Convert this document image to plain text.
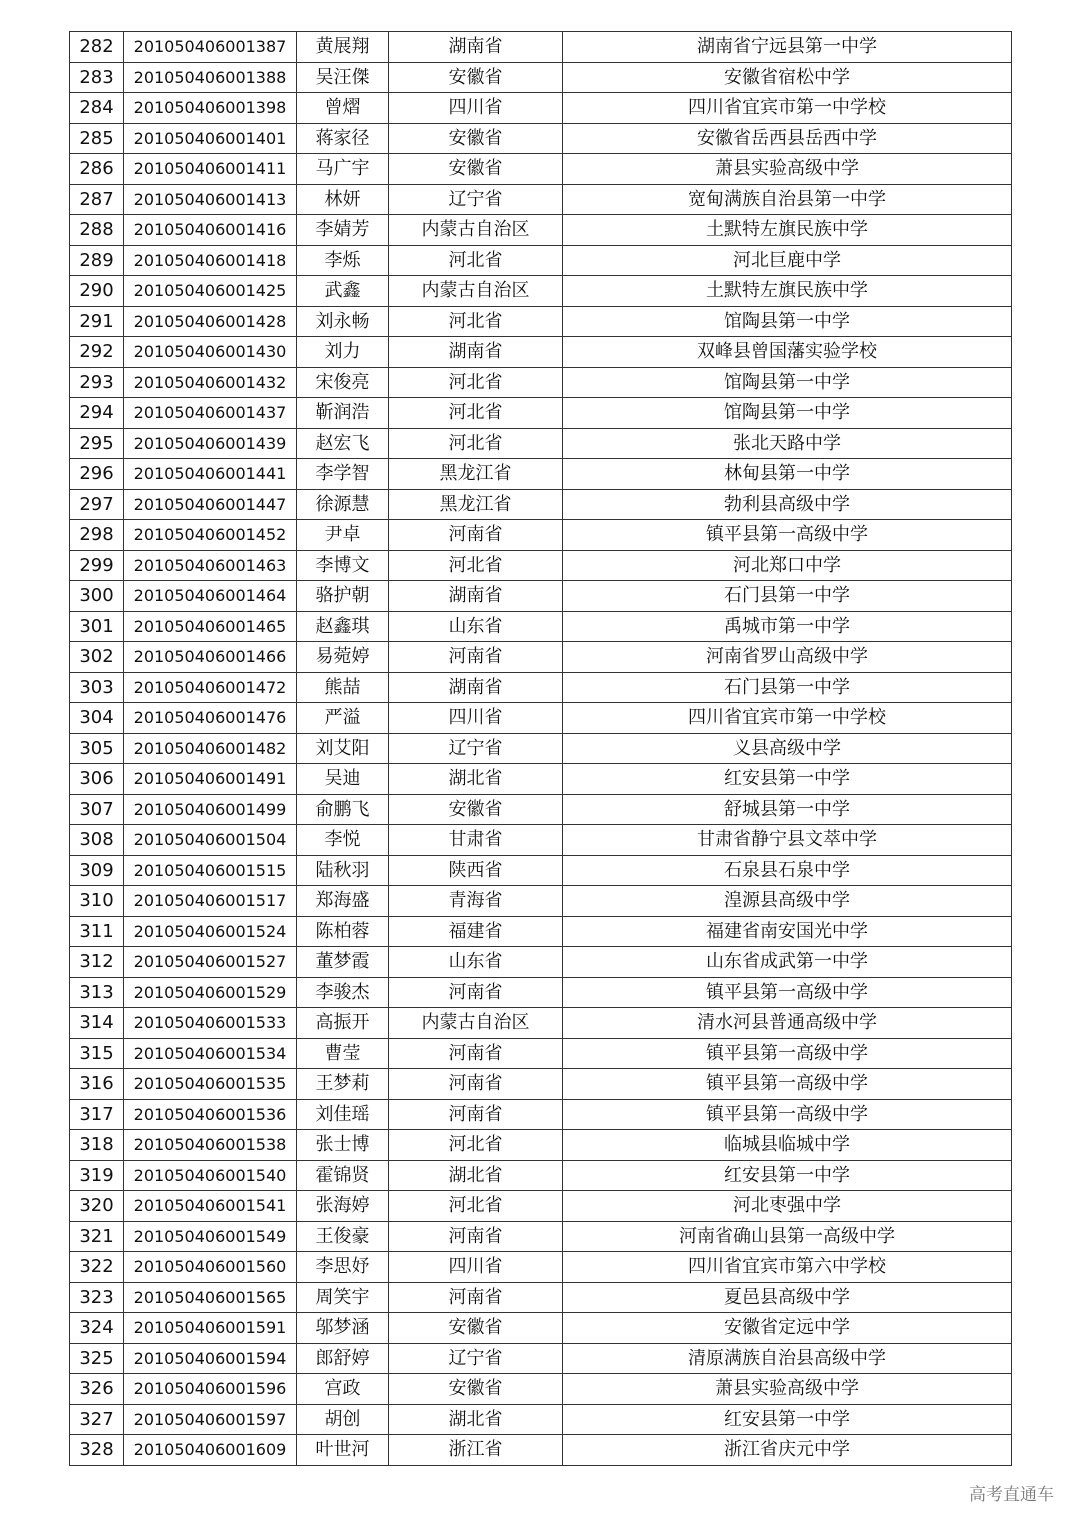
282	201050406001387	黄展翔	湖南省	湖南省宁远县第一中学
283	201050406001388	吴汪傑	安徽省	安徽省宿松中学
284	201050406001398	曾熠	四川省	四川省宜宾市第一中学校
285	201050406001401	蒋家径	安徽省	安徽省岳西县岳西中学
286	201050406001411	马广宇	安徽省	萧县实验高级中学
287	201050406001413	林妍	辽宁省	宽甸满族自治县第一中学
288	201050406001416	李婧芳	内蒙古自治区	土默特左旗民族中学
289	201050406001418	李烁	河北省	河北巨鹿中学
290	201050406001425	武鑫	内蒙古自治区	土默特左旗民族中学
291	201050406001428	刘永畅	河北省	馆陶县第一中学
292	201050406001430	刘力	湖南省	双峰县曾国藩实验学校
293	201050406001432	宋俊亮	河北省	馆陶县第一中学
294	201050406001437	靳润浩	河北省	馆陶县第一中学
295	201050406001439	赵宏飞	河北省	张北天路中学
296	201050406001441	李学智	黑龙江省	林甸县第一中学
297	201050406001447	徐源慧	黑龙江省	勃利县高级中学
298	201050406001452	尹卓	河南省	镇平县第一高级中学
299	201050406001463	李博文	河北省	河北郑口中学
300	201050406001464	骆护朝	湖南省	石门县第一中学
301	201050406001465	赵鑫琪	山东省	禹城市第一中学
302	201050406001466	易菀婷	河南省	河南省罗山高级中学
303	201050406001472	熊喆	湖南省	石门县第一中学
304	201050406001476	严溢	四川省	四川省宜宾市第一中学校
305	201050406001482	刘艾阳	辽宁省	义县高级中学
306	201050406001491	吴迪	湖北省	红安县第一中学
307	201050406001499	俞鹏飞	安徽省	舒城县第一中学
308	201050406001504	李悦	甘肃省	甘肃省静宁县文萃中学
309	201050406001515	陆秋羽	陕西省	石泉县石泉中学
310	201050406001517	郑海盛	青海省	湟源县高级中学
311	201050406001524	陈柏蓉	福建省	福建省南安国光中学
312	201050406001527	董梦霞	山东省	山东省成武第一中学
313	201050406001529	李骏杰	河南省	镇平县第一高级中学
314	201050406001533	高振开	内蒙古自治区	清水河县普通高级中学
315	201050406001534	曹莹	河南省	镇平县第一高级中学
316	201050406001535	王梦莉	河南省	镇平县第一高级中学
317	201050406001536	刘佳瑶	河南省	镇平县第一高级中学
318	201050406001538	张士博	河北省	临城县临城中学
319	201050406001540	霍锦贤	湖北省	红安县第一中学
320	201050406001541	张海婷	河北省	河北枣强中学
321	201050406001549	王俊豪	河南省	河南省确山县第一高级中学
322	201050406001560	李思妤	四川省	四川省宜宾市第六中学校
323	201050406001565	周笑宇	河南省	夏邑县高级中学
324	201050406001591	邬梦涵	安徽省	安徽省定远中学
325	201050406001594	郎舒婷	辽宁省	清原满族自治县高级中学
326	201050406001596	宫政	安徽省	萧县实验高级中学
327	201050406001597	胡创	湖北省	红安县第一中学
328	201050406001609	叶世河	浙江省	浙江省庆元中学
高考直通车
